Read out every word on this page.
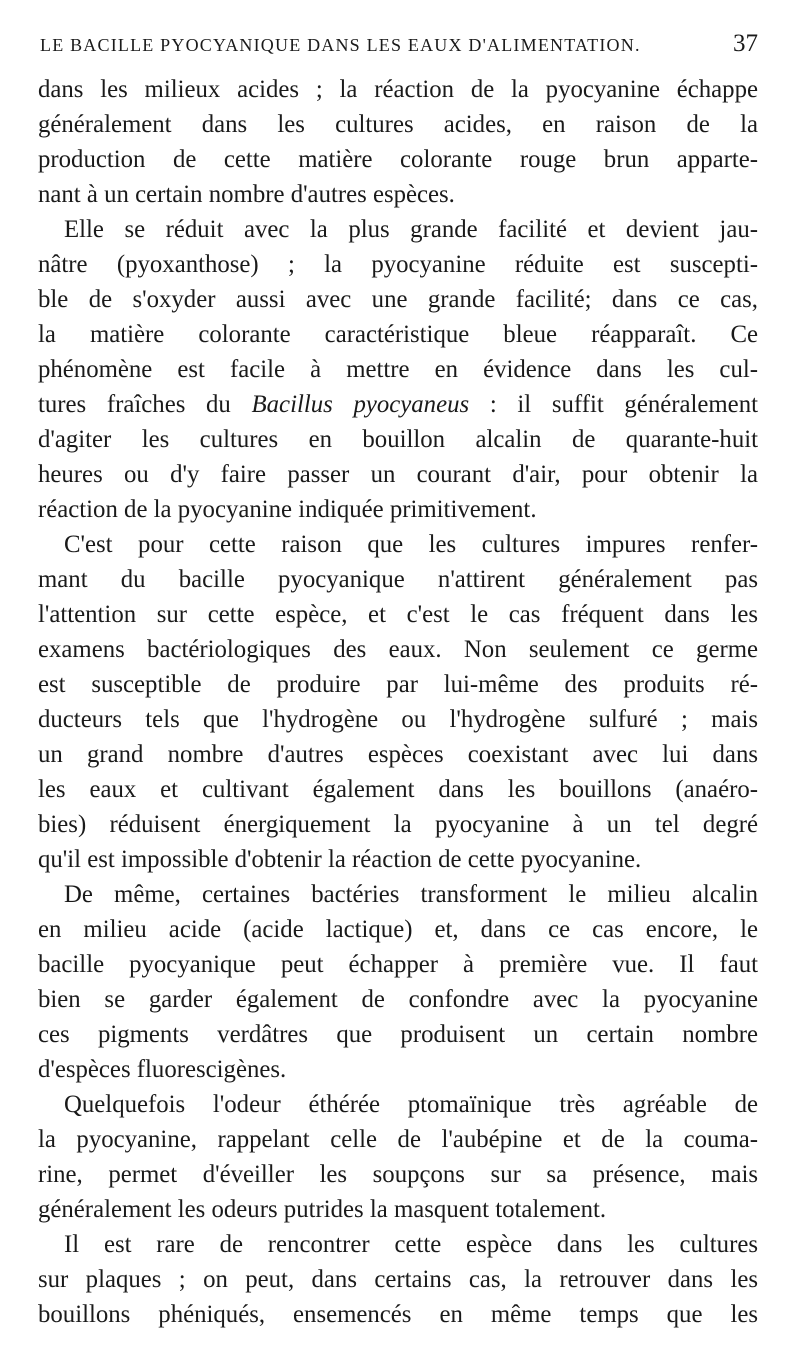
LE BACILLE PYOCYANIQUE DANS LES EAUX D'ALIMENTATION.	37
dans les milieux acides ; la réaction de la pyocyanine échappe
généralement dans les cultures acides, en raison de la
production de cette matière colorante rouge brun apparte-
nant à un certain nombre d'autres espèces.
Elle se réduit avec la plus grande facilité et devient jau-
nâtre (pyoxanthose) ; la pyocyanine réduite est suscepti-
ble de s'oxyder aussi avec une grande facilité; dans ce cas,
la matière colorante caractéristique bleue réapparaît. Ce
phénomène est facile à mettre en évidence dans les cul-
tures fraîches du Bacillus pyocyaneus : il suffit généralement
d'agiter les cultures en bouillon alcalin de quarante-huit
heures ou d'y faire passer un courant d'air, pour obtenir la
réaction de la pyocyanine indiquée primitivement.
C'est pour cette raison que les cultures impures renfer-
mant du bacille pyocyanique n'attirent généralement pas
l'attention sur cette espèce, et c'est le cas fréquent dans les
examens bactériologiques des eaux. Non seulement ce germe
est susceptible de produire par lui-même des produits ré-
ducteurs tels que l'hydrogène ou l'hydrogène sulfuré ; mais
un grand nombre d'autres espèces coexistant avec lui dans
les eaux et cultivant également dans les bouillons (anaéro-
bies) réduisent énergiquement la pyocyanine à un tel degré
qu'il est impossible d'obtenir la réaction de cette pyocyanine.
De même, certaines bactéries transforment le milieu alcalin
en milieu acide (acide lactique) et, dans ce cas encore, le
bacille pyocyanique peut échapper à première vue. Il faut
bien se garder également de confondre avec la pyocyanine
ces pigments verdâtres que produisent un certain nombre
d'espèces fluorescigènes.
Quelquefois l'odeur éthérée ptomaïnique très agréable de
la pyocyanine, rappelant celle de l'aubépine et de la couma-
rine, permet d'éveiller les soupçons sur sa présence, mais
généralement les odeurs putrides la masquent totalement.
Il est rare de rencontrer cette espèce dans les cultures
sur plaques ; on peut, dans certains cas, la retrouver dans les
bouillons phéniqués, ensemencés en même temps que les
